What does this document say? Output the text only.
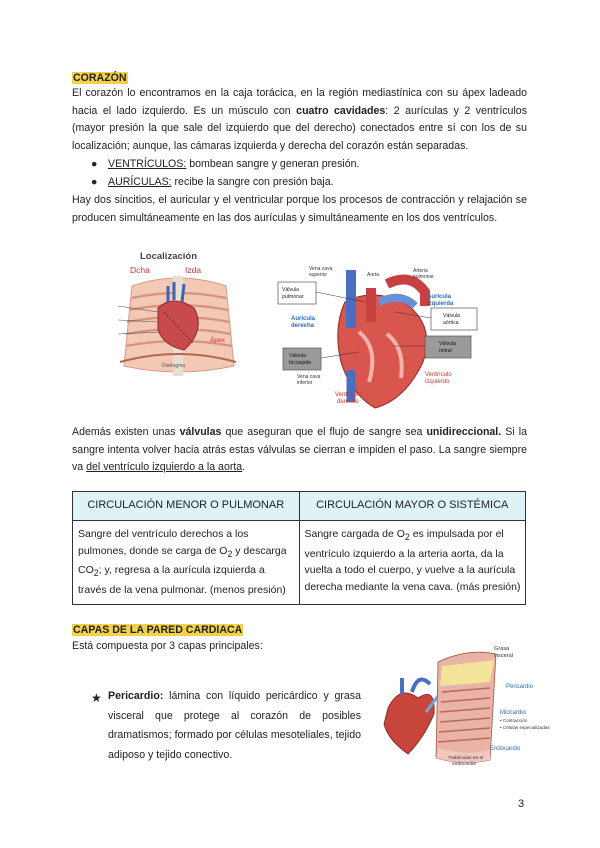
CORAZÓN

El corazón lo encontramos en la caja torácica, en la región mediastínica con su ápex ladeado hacia el lado izquierdo. Es un músculo con cuatro cavidades: 2 aurículas y 2 ventrículos (mayor presión la que sale del izquierdo que del derecho) conectados entre sí con los de su localización; aunque, las cámaras izquierda y derecha del corazón están separadas.

● VENTRÍCULOS: bombean sangre y generan presión.
● AURÍCULAS: recibe la sangre con presión baja.

Hay dos sincitios, el auricular y el ventricular porque los procesos de contracción y relajación se producen simultáneamente en las dos aurículas y simultáneamente en los dos ventrículos.

Localización
Dcha	Izda
Ápex
Diafragma
Vena cava superior	Aorta
Arteria pulmonar
Válvula pulmonar	Aurícula izquierda
Válvula aórtica
Aurícula derecha
Válvula mitral
Válvula tricúspide
Vena cava inferior
Ventrículo izquierdo
Ventrículo derecho

Además existen unas válvulas que aseguran que el flujo de sangre sea unidireccional. Si la sangre intenta volver hacia atrás estas válvulas se cierran e impiden el paso. La sangre siempre va del ventrículo izquierdo a la aorta.

CIRCULACIÓN MENOR O PULMONAR	CIRCULACIÓN MAYOR O SISTÉMICA
Sangre del ventrículo derechos a los pulmones, donde se carga de $O_2$ y descarga $CO_2$; y, regresa a la aurícula izquierda a través de la vena pulmonar. (menos presión)	Sangre cargada de $O_2$ es impulsada por el ventrículo izquierdo a la arteria aorta, da la vuelta a todo el cuerpo, y vuelve a la aurícula derecha mediante la vena cava. (más presión)
CAPAS DE LA PARED CARDIACA
Está compuesta por 3 capas principales:
★ Pericardio: lámina con líquido pericárdico y grasa visceral que protege al corazón de posibles dramatismos; formado por células mesoteliales, tejido adiposo y tejido conectivo.

Grasa visceral
Pericardio
Miocardio
• Contracción
• Células especializadas
Endocardio
Trabéculas en el endocardio
3
